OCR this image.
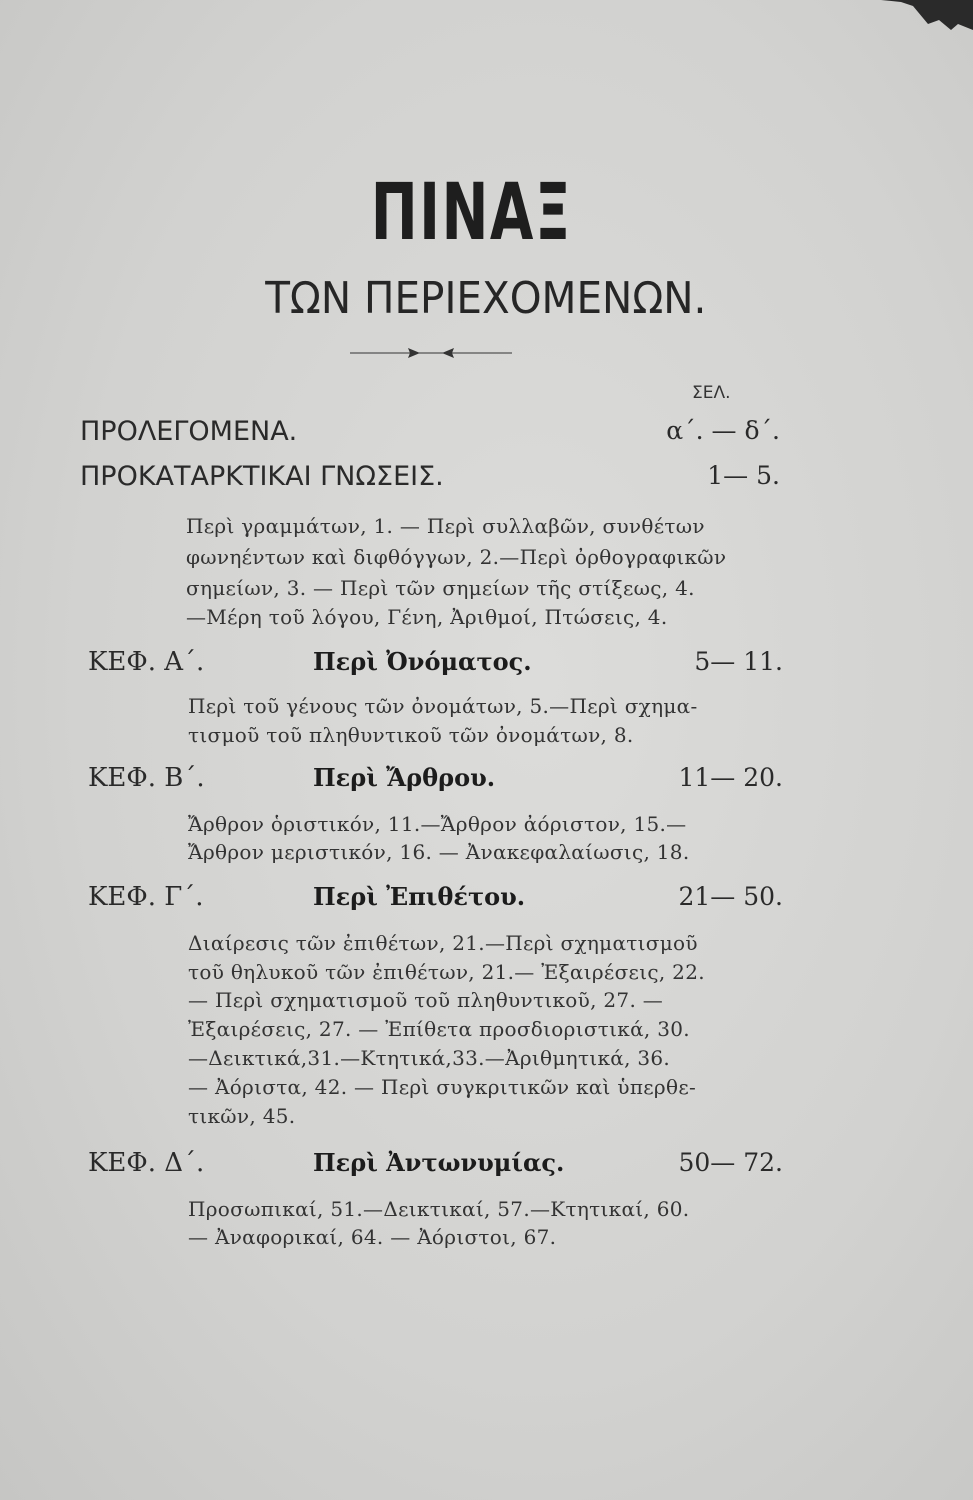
ΠΙΝΑΞ
ΤΩΝ ΠΕΡΙΕΧΟΜΕΝΩΝ.
ΣΕΛ.
ΠΡΟΛΕΓΟΜΕΝΑ.	α΄. — δ΄.
ΠΡΟΚΑΤΑΡΚΤΙΚΑΙ ΓΝΩΣΕΙΣ.	1— 5.
Περὶ γραμμάτων, 1. — Περὶ συλλαβῶν, συνθέτων
φωνηέντων καὶ διφθόγγων, 2.—Περὶ ὀρθογραφικῶν
σημείων, 3. — Περὶ τῶν σημείων τῆς στίξεως, 4.
—Μέρη τοῦ λόγου, Γένη, Ἀριθμοί, Πτώσεις, 4.
ΚΕΦ. Α΄.	Περὶ Ὀνόματος.	5— 11.
Περὶ τοῦ γένους τῶν ὀνομάτων, 5.—Περὶ σχημα-
τισμοῦ τοῦ πληθυντικοῦ τῶν ὀνομάτων, 8.
ΚΕΦ. Β΄.	Περὶ Ἄρθρου.	11— 20.
Ἄρθρον ὁριστικόν, 11.—Ἄρθρον ἀόριστον, 15.—
Ἄρθρον μεριστικόν, 16. — Ἀνακεφαλαίωσις, 18.
ΚΕΦ. Γ΄.	Περὶ Ἐπιθέτου.	21— 50.
Διαίρεσις τῶν ἐπιθέτων, 21.—Περὶ σχηματισμοῦ
τοῦ θηλυκοῦ τῶν ἐπιθέτων, 21.— Ἐξαιρέσεις, 22.
— Περὶ σχηματισμοῦ τοῦ πληθυντικοῦ, 27. —
Ἐξαιρέσεις, 27. — Ἐπίθετα προσδιοριστικά, 30.
—Δεικτικά,31.—Κτητικά,33.—Ἀριθμητικά, 36.
— Ἀόριστα, 42. — Περὶ συγκριτικῶν καὶ ὑπερθε-
τικῶν, 45.
ΚΕΦ. Δ΄.	Περὶ Ἀντωνυμίας.	50— 72.
Προσωπικαί, 51.—Δεικτικαί, 57.—Κτητικαί, 60.
— Ἀναφορικαί, 64. — Ἀόριστοι, 67.
